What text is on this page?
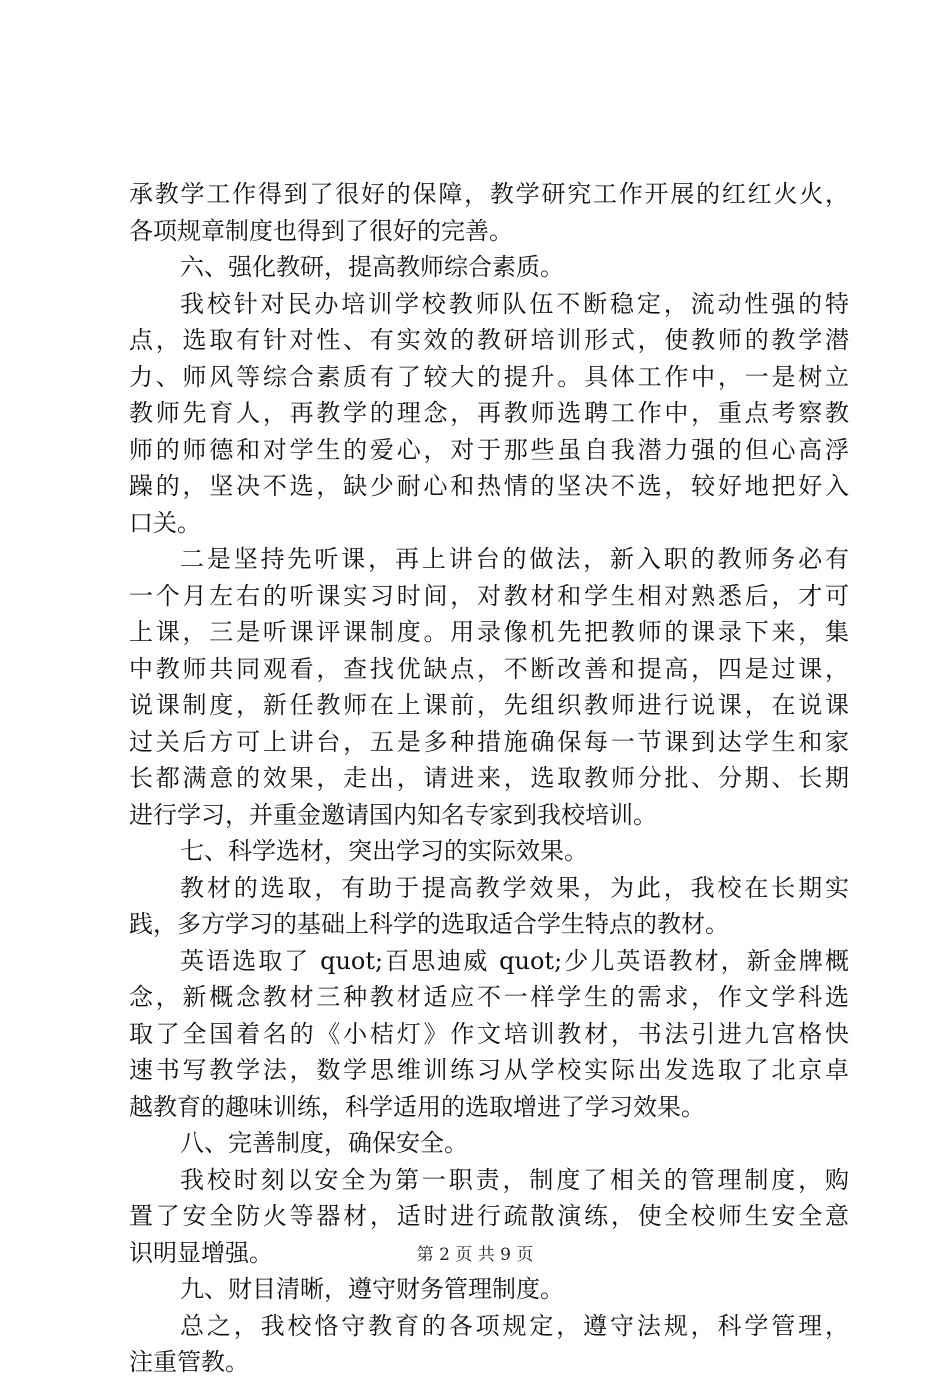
承教学工作得到了很好的保障，教学研究工作开展的红红火火，
各项规章制度也得到了很好的完善。
六、强化教研，提高教师综合素质。
我校针对民办培训学校教师队伍不断稳定，流动性强的特
点，选取有针对性、有实效的教研培训形式，使教师的教学潜
力、师风等综合素质有了较大的提升。具体工作中，一是树立
教师先育人，再教学的理念，再教师选聘工作中，重点考察教
师的师德和对学生的爱心，对于那些虽自我潜力强的但心高浮
躁的，坚决不选，缺少耐心和热情的坚决不选，较好地把好入
口关。
二是坚持先听课，再上讲台的做法，新入职的教师务必有
一个月左右的听课实习时间，对教材和学生相对熟悉后，才可
上课，三是听课评课制度。用录像机先把教师的课录下来，集
中教师共同观看，查找优缺点，不断改善和提高，四是过课，
说课制度，新任教师在上课前，先组织教师进行说课，在说课
过关后方可上讲台，五是多种措施确保每一节课到达学生和家
长都满意的效果，走出，请进来，选取教师分批、分期、长期
进行学习，并重金邀请国内知名专家到我校培训。
七、科学选材，突出学习的实际效果。
教材的选取，有助于提高教学效果，为此，我校在长期实
践，多方学习的基础上科学的选取适合学生特点的教材。
英语选取了 quot;百思迪威 quot;少儿英语教材，新金牌概
念，新概念教材三种教材适应不一样学生的需求，作文学科选
取了全国着名的《小桔灯》作文培训教材，书法引进九宫格快
速书写教学法，数学思维训练习从学校实际出发选取了北京卓
越教育的趣味训练，科学适用的选取增进了学习效果。
八、完善制度，确保安全。
我校时刻以安全为第一职责，制度了相关的管理制度，购
置了安全防火等器材，适时进行疏散演练，使全校师生安全意
识明显增强。
九、财目清晰，遵守财务管理制度。
总之，我校恪守教育的各项规定，遵守法规，科学管理，
注重管教。
第 2 页 共 9 页
